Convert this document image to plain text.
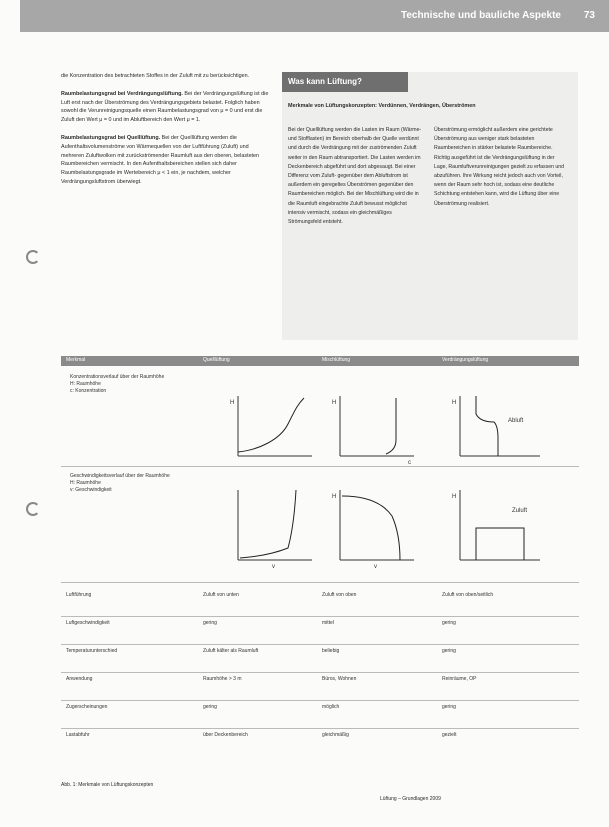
Technische und bauliche Aspekte 73

die Konzentration des betrachteten Stoffes in der Zuluft mit zu berücksichtigen.

Raumbelastungsgrad bei Verdrängungslüftung. Bei der Verdrängungslüftung ist die Luft erst nach der Überströmung des Verdrängungsgebiets belastet. Folglich haben sowohl die Verunreinigungsquelle einen Raumbelastungsgrad von μ = 0 und erst die Zuluft den Wert μ = 0 und im Abluftbereich den Wert μ = 1.

Raumbelastungsgrad bei Quelllüftung. Bei der Quelllüftung werden die Aufenthaltsvolumenströme von Wärmequellen von der Luftführung (Zuluft) und mehreren Zuluftwolken mit zurückströmender Raumluft aus den oberen, belasteten Raumbereichen vermischt. In den Aufenthaltsbereichen stellen sich daher Raumbelastungsgrade im Wertebereich μ < 1 ein, je nachdem, welcher Verdrängungsluftstrom überwiegt.

Was kann Lüftung?
Merkmale von Lüftungskonzepten: Verdünnen, Verdrängen, Überströmen
Bei der Quelllüftung werden die Lasten im Raum (Wärme- und Stofflasten) im Bereich oberhalb der Quelle verdünnt und durch die Verdrängung mit der zuströmenden Zuluft weiter in den Raum abtransportiert. Die Lasten werden im Deckenbereich abgeführt und dort abgesaugt. Bei einer Differenz vom Zuluft- gegenüber dem Abluftstrom ist außerdem ein geregeltes Überströmen gegenüber den Raumbereichen möglich. Bei der Mischlüftung wird die in die Raumluft eingebrachte Zuluft bewusst möglichst intensiv vermischt, sodass ein gleichmäßiges Strömungsfeld entsteht.
Überströmung ermöglicht außerdem eine gerichtete Überströmung aus weniger stark belasteten Raumbereichen in stärker belastete Raumbereiche. Richtig ausgeführt ist die Verdrängungslüftung in der Lage, Raumluftverunreinigungen gezielt zu erfassen und abzuführen. Ihre Wirkung reicht jedoch auch von Vorteil, wenn der Raum sehr hoch ist, sodass eine deutliche Schichtung entstehen kann, wird die Lüftung über eine Überströmung realisiert.
Merkmal	Quelllüftung	Mischlüftung	Verdrängungslüftung
Konzentrationsverlauf über der Raumhöhe
H: Raumhöhe
c: Konzentration
Geschwindigkeitsverlauf über der Raumhöhe
H: Raumhöhe
v: Geschwindigkeit
H	H
c
H
Abluft
v
H
v
H
Zuluft
Luftführung	Zuluft von unten	Zuluft von oben	Zuluft von oben/seitlich
Luftgeschwindigkeit	gering	mittel	gering
Temperaturunterschied	Zuluft kälter als Raumluft	beliebig	gering
Anwendung	Raumhöhe > 3 m	Büros, Wohnen	Reinräume, OP
Zugerscheinungen	gering	möglich	gering
Lastabfuhr	über Deckenbereich	gleichmäßig	gezielt
Abb. 1: Merkmale von Lüftungskonzepten
Lüftung – Grundlagen 2009
